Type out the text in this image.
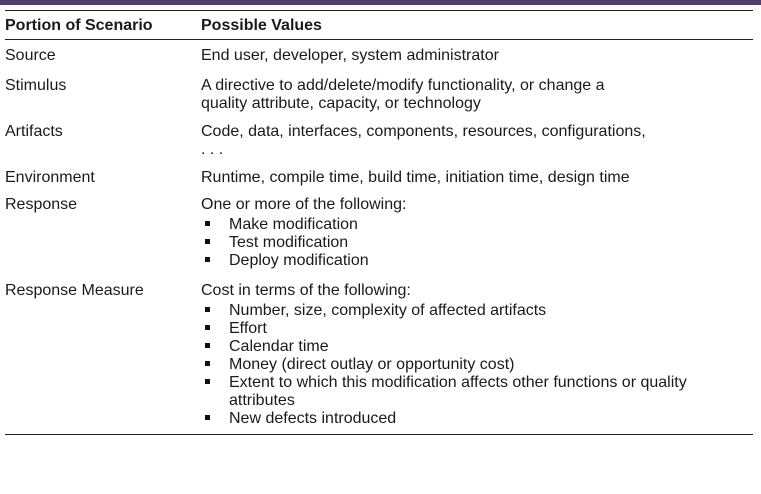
Portion of Scenario	Possible Values
Source	End user, developer, system administrator
Stimulus	A directive to add/delete/modify functionality, or change a
quality attribute, capacity, or technology
Artifacts	Code, data, interfaces, components, resources, configurations,
. . .
Environment	Runtime, compile time, build time, initiation time, design time
Response	One or more of the following:
Make modification
Test modification
Deploy modification
Response Measure	Cost in terms of the following:
Number, size, complexity of affected artifacts
Effort
Calendar time
Money (direct outlay or opportunity cost)
Extent to which this modification affects other functions or quality attributes
New defects introduced
